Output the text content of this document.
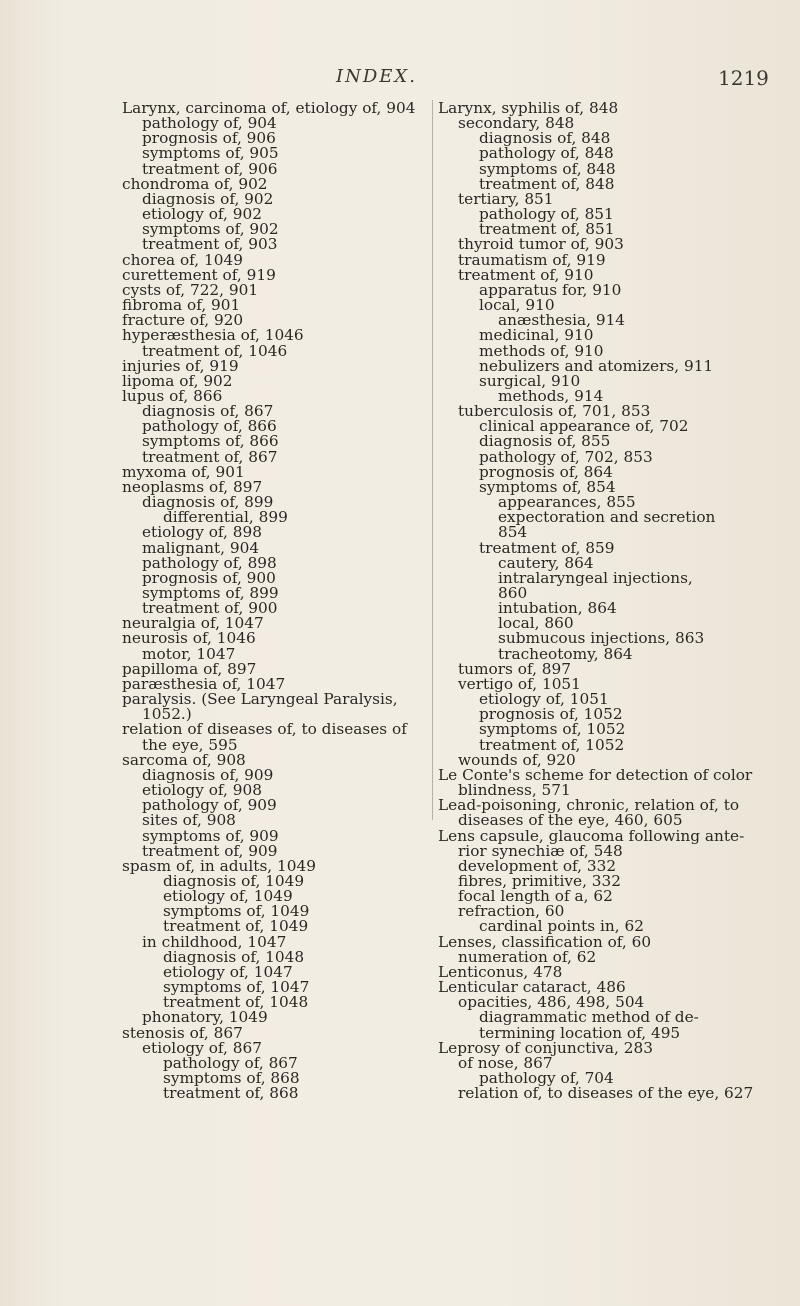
INDEX.	1219
Larynx, carcinoma of, etiology of, 904
pathology of, 904
prognosis of, 906
symptoms of, 905
treatment of, 906
chondroma of, 902
diagnosis of, 902
etiology of, 902
symptoms of, 902
treatment of, 903
chorea of, 1049
curettement of, 919
cysts of, 722, 901
fibroma of, 901
fracture of, 920
hyperæsthesia of, 1046
treatment of, 1046
injuries of, 919
lipoma of, 902
lupus of, 866
diagnosis of, 867
pathology of, 866
symptoms of, 866
treatment of, 867
myxoma of, 901
neoplasms of, 897
diagnosis of, 899
differential, 899
etiology of, 898
malignant, 904
pathology of, 898
prognosis of, 900
symptoms of, 899
treatment of, 900
neuralgia of, 1047
neurosis of, 1046
motor, 1047
papilloma of, 897
paræsthesia of, 1047
paralysis. (See Laryngeal Paralysis,
1052.)
relation of diseases of, to diseases of
the eye, 595
sarcoma of, 908
diagnosis of, 909
etiology of, 908
pathology of, 909
sites of, 908
symptoms of, 909
treatment of, 909
spasm of, in adults, 1049
diagnosis of, 1049
etiology of, 1049
symptoms of, 1049
treatment of, 1049
in childhood, 1047
diagnosis of, 1048
etiology of, 1047
symptoms of, 1047
treatment of, 1048
phonatory, 1049
stenosis of, 867
etiology of, 867
pathology of, 867
symptoms of, 868
treatment of, 868
Larynx, syphilis of, 848
secondary, 848
diagnosis of, 848
pathology of, 848
symptoms of, 848
treatment of, 848
tertiary, 851
pathology of, 851
treatment of, 851
thyroid tumor of, 903
traumatism of, 919
treatment of, 910
apparatus for, 910
local, 910
anæsthesia, 914
medicinal, 910
methods of, 910
nebulizers and atomizers, 911
surgical, 910
methods, 914
tuberculosis of, 701, 853
clinical appearance of, 702
diagnosis of, 855
pathology of, 702, 853
prognosis of, 864
symptoms of, 854
appearances, 855
expectoration and secretion
854
treatment of, 859
cautery, 864
intralaryngeal injections,
860
intubation, 864
local, 860
submucous injections, 863
tracheotomy, 864
tumors of, 897
vertigo of, 1051
etiology of, 1051
prognosis of, 1052
symptoms of, 1052
treatment of, 1052
wounds of, 920
Le Conte's scheme for detection of color
blindness, 571
Lead-poisoning, chronic, relation of, to
diseases of the eye, 460, 605
Lens capsule, glaucoma following ante-
rior synechiæ of, 548
development of, 332
fibres, primitive, 332
focal length of a, 62
refraction, 60
cardinal points in, 62
Lenses, classification of, 60
numeration of, 62
Lenticonus, 478
Lenticular cataract, 486
opacities, 486, 498, 504
diagrammatic method of de-
termining location of, 495
Leprosy of conjunctiva, 283
of nose, 867
pathology of, 704
relation of, to diseases of the eye, 627
